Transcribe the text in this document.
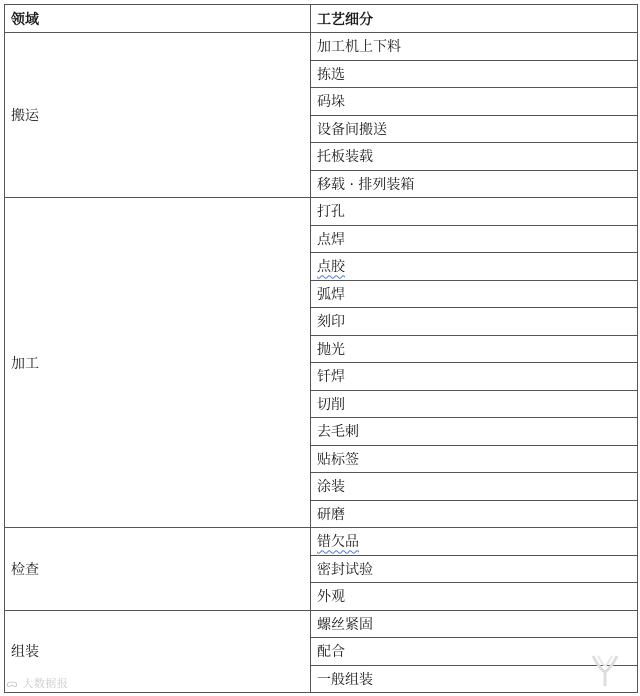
领域	工艺细分
搬运	加工机上下料
	拣选
	码垛
	设备间搬送
	托板装载
	移载 · 排列装箱
加工	打孔
	点焊
	点胶
	弧焊
	刻印
	抛光
	钎焊
	切削
	去毛刺
	贴标签
	涂装
	研磨
检查	错欠品
	密封试验
	外观
组装	螺丝紧固
	配合
	一般组装
ᯅ 大数据报
